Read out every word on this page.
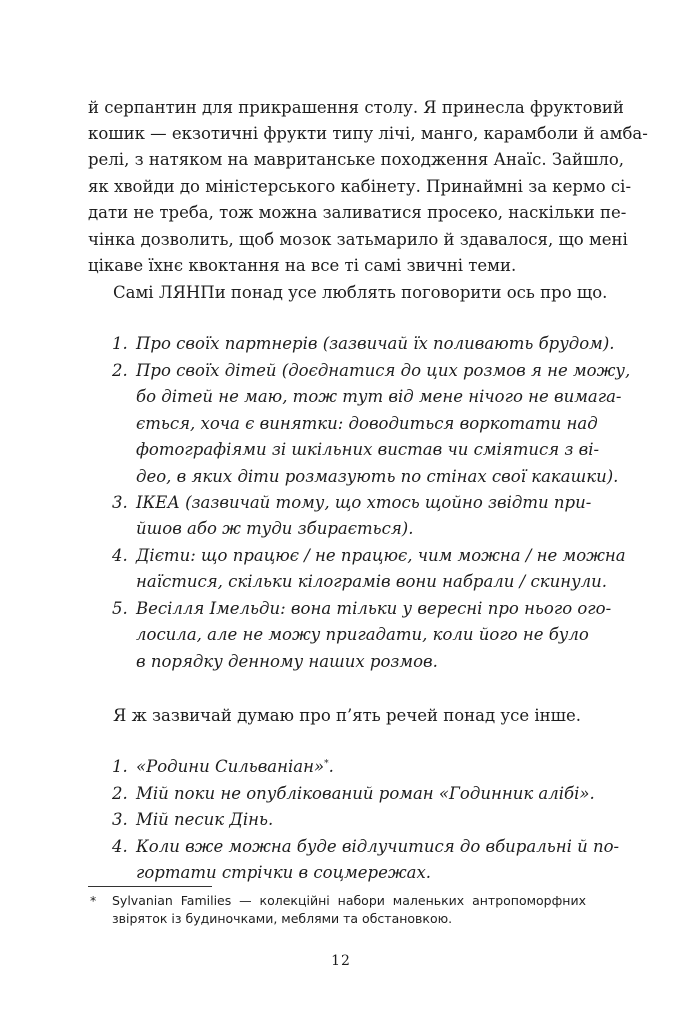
й серпантин для прикрашення столу. Я принесла фруктовий
кошик — екзотичні фрукти типу лічі, манго, карамболи й амба-
релі, з натяком на мавританське походження Анаїс. Зайшло,
як хвойди до міністерського кабінету. Принаймні за кермо сі-
дати не треба, тож можна заливатися просеко, наскільки пе-
чінка дозволить, щоб мозок затьмарило й здавалося, що мені
цікаве їхнє квоктання на все ті самі звичні теми.
Самі ЛЯНПи понад усе люблять поговорити ось про що.
1. Про своїх партнерів (зазвичай їх поливають брудом).
2. Про своїх дітей (доєднатися до цих розмов я не можу,
бо дітей не маю, тож тут від мене нічого не вимага-
ється, хоча є винятки: доводиться воркотати над
фотографіями зі шкільних вистав чи сміятися з ві-
део, в яких діти розмазують по стінах свої какашки).
3. ІКЕА (зазвичай тому, що хтось щойно звідти при-
йшов або ж туди збирається).
4. Дієти: що працює / не працює, чим можна / не можна
наїстися, скільки кілограмів вони набрали / скинули.
5. Весілля Імельди: вона тільки у вересні про нього ого-
лосила, але не можу пригадати, коли його не було
в порядку денному наших розмов.
Я ж зазвичай думаю про п’ять речей понад усе інше.
1. «Родини Сильваніан»*.
2. Мій поки не опублікований роман «Годинник алібі».
3. Мій песик Дінь.
4. Коли вже можна буде відлучитися до вбиральні й по-
гортати стрічки в соцмережах.
* Sylvanian Families — колекційні набори маленьких антропоморфних
звіряток із будиночками, меблями та обстановкою.
12
